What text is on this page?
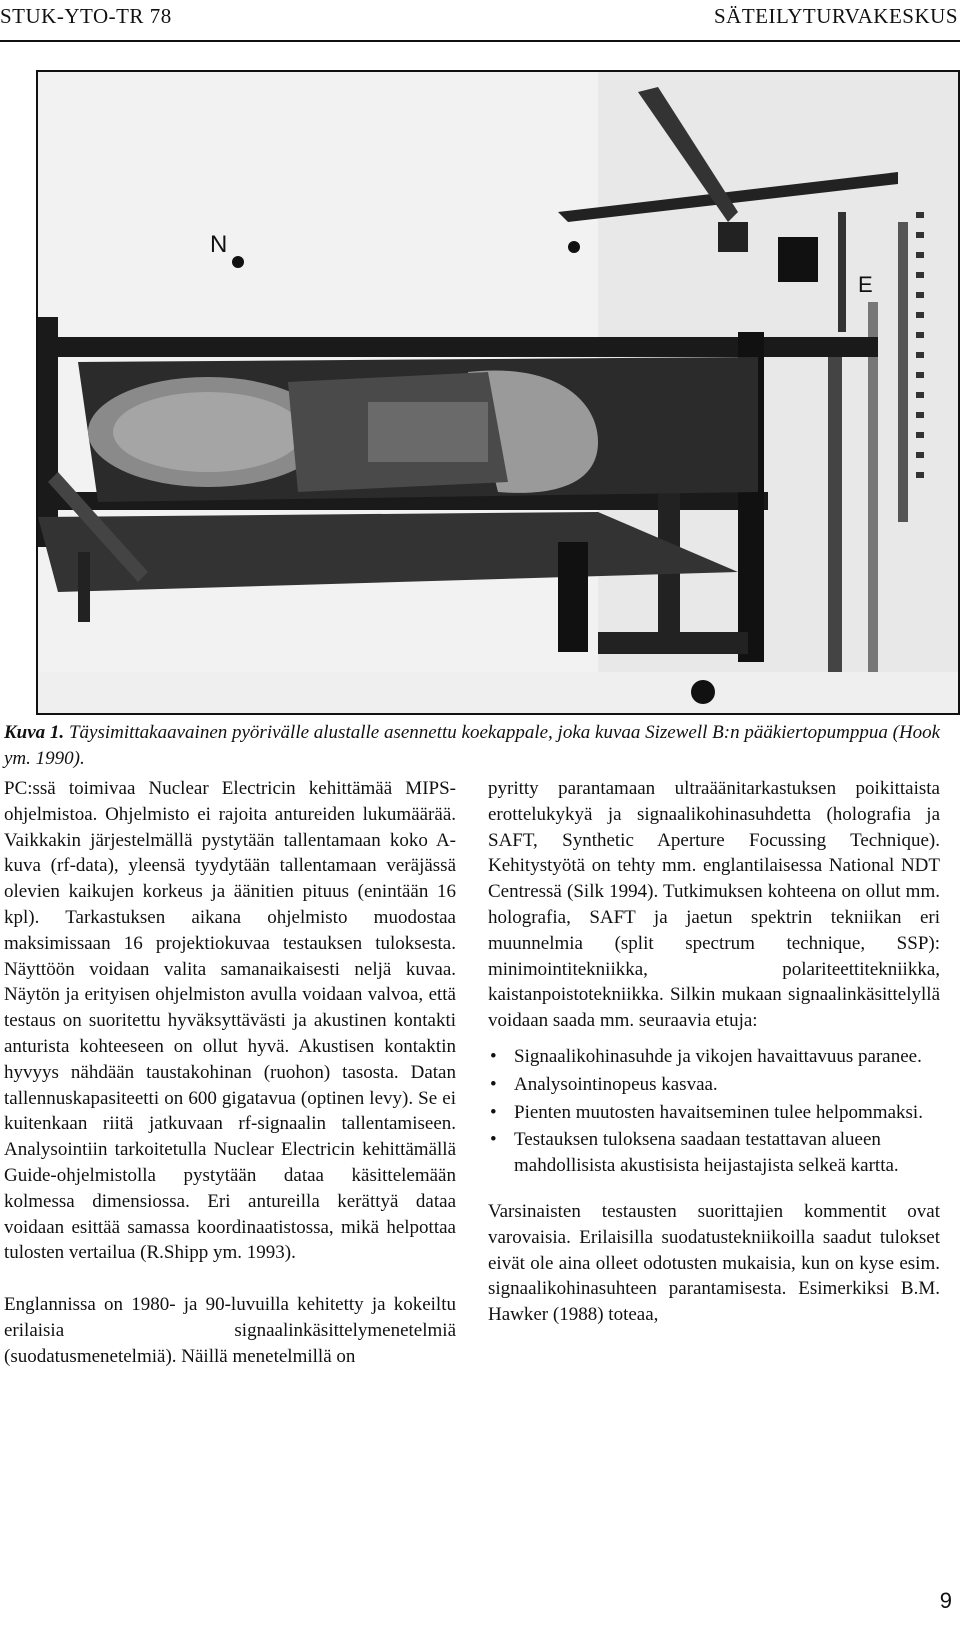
STUK-YTO-TR 78	SÄTEILYTURVAKESKUS
N
E
Kuva 1. Täysimittakaavainen pyörivälle alustalle asennettu koekappale, joka kuvaa Sizewell B:n pääkiertopumppua (Hook ym. 1990).

PC:ssä toimivaa Nuclear Electricin kehittämää MIPS-ohjelmistoa. Ohjelmisto ei rajoita antureiden lukumäärää. Vaikkakin järjestelmällä pystytään tallentamaan koko A-kuva (rf-data), yleensä tyydytään tallentamaan veräjässä olevien kaikujen korkeus ja äänitien pituus (enintään 16 kpl). Tarkastuksen aikana ohjelmisto muodostaa maksimissaan 16 projektiokuvaa testauksen tuloksesta. Näyttöön voidaan valita samanaikaisesti neljä kuvaa. Näytön ja erityisen ohjelmiston avulla voidaan valvoa, että testaus on suoritettu hyväksyttävästi ja akustinen kontakti anturista kohteeseen on ollut hyvä. Akustisen kontaktin hyvyys nähdään taustakohinan (ruohon) tasosta. Datan tallennuskapasiteetti on 600 gigatavua (optinen levy). Se ei kuitenkaan riitä jatkuvaan rf-signaalin tallentamiseen. Analysointiin tarkoitetulla Nuclear Electricin kehittämällä Guide-ohjelmistolla pystytään dataa käsittelemään kolmessa dimensiossa. Eri antureilla kerättyä dataa voidaan esittää samassa koordinaatistossa, mikä helpottaa tulosten vertailua (R.Shipp ym. 1993).

Englannissa on 1980- ja 90-luvuilla kehitetty ja kokeiltu erilaisia signaalinkäsittelymenetelmiä (suodatusmenetelmiä). Näillä menetelmillä on

pyritty parantamaan ultraäänitarkastuksen poikittaista erottelukykyä ja signaalikohinasuhdetta (holografia ja SAFT, Synthetic Aperture Focussing Technique). Kehitystyötä on tehty mm. englantilaisessa National NDT Centressä (Silk 1994). Tutkimuksen kohteena on ollut mm. holografia, SAFT ja jaetun spektrin tekniikan eri muunnelmia (split spectrum technique, SSP): minimointitekniikka, polariteettitekniikka, kaistanpoistotekniikka. Silkin mukaan signaalinkäsittelyllä voidaan saada mm. seuraavia etuja:

• Signaalikohinasuhde ja vikojen havaittavuus paranee.
• Analysointinopeus kasvaa.
• Pienten muutosten havaitseminen tulee helpommaksi.
• Testauksen tuloksena saadaan testattavan alueen mahdollisista akustisista heijastajista selkeä kartta.

Varsinaisten testausten suorittajien kommentit ovat varovaisia. Erilaisilla suodatustekniikoilla saadut tulokset eivät ole aina olleet odotusten mukaisia, kun on kyse esim. signaalikohinasuhteen parantamisesta. Esimerkiksi B.M. Hawker (1988) toteaa,

9
